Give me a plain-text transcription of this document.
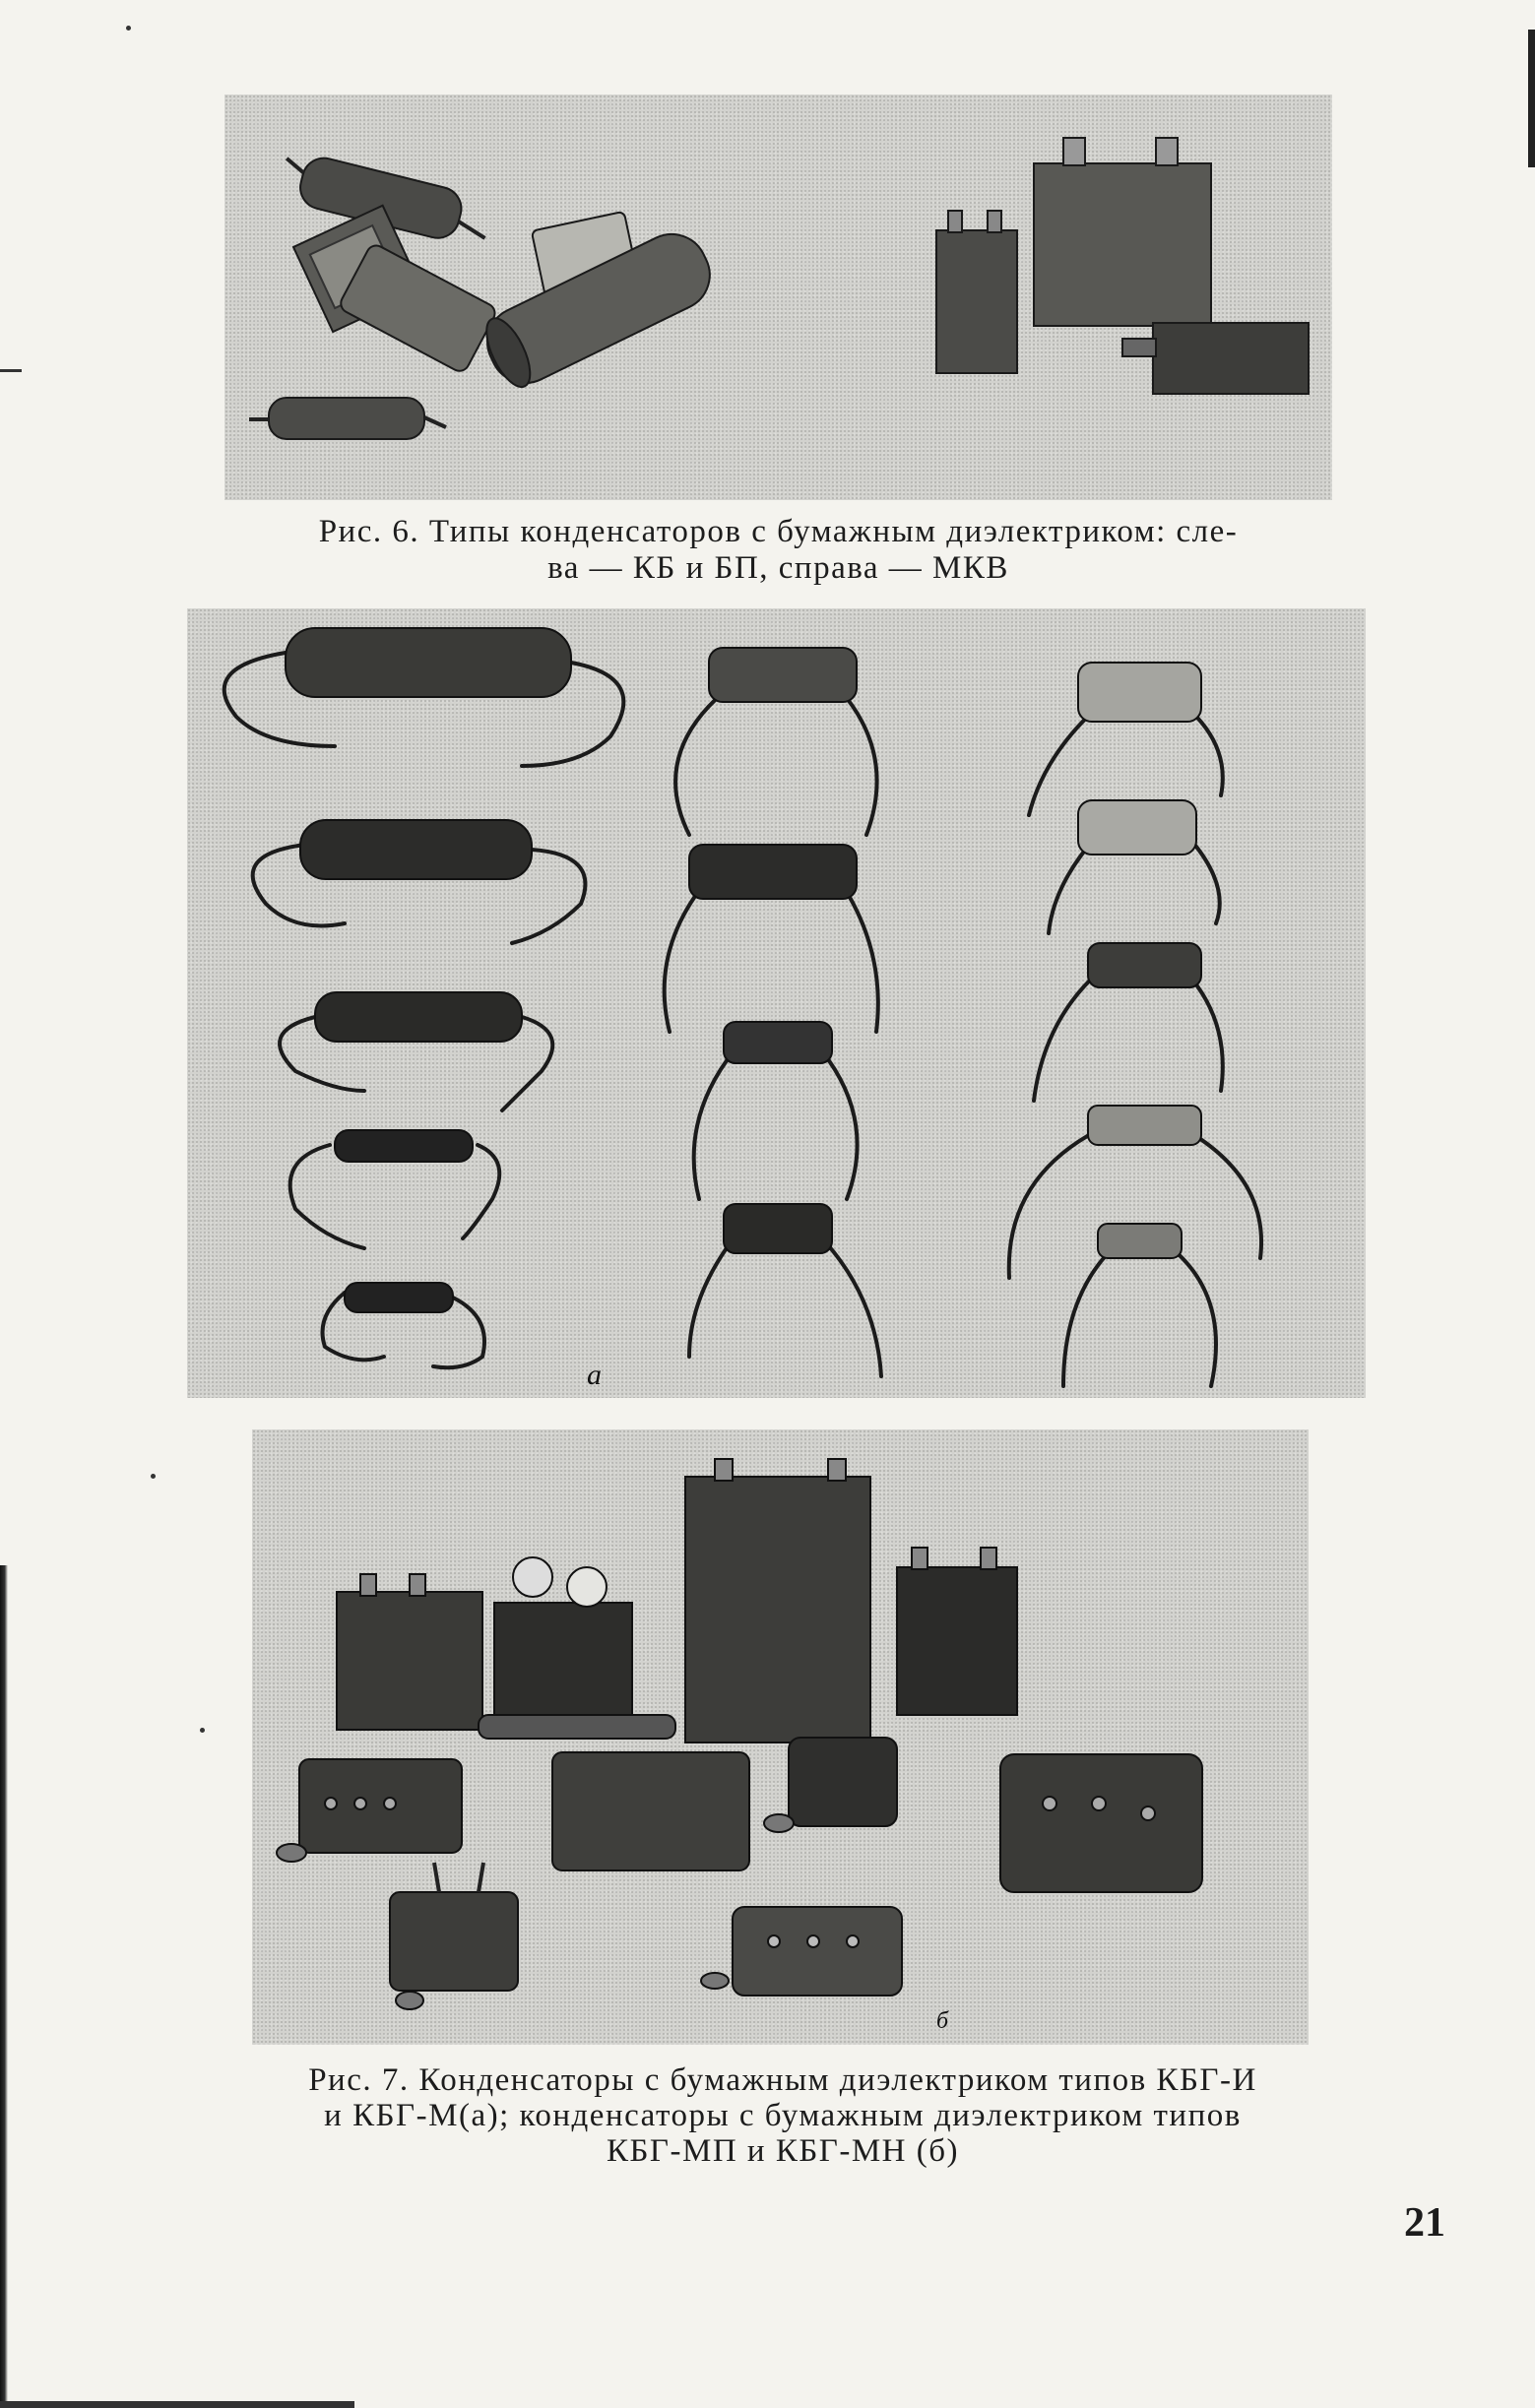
Рис. 6. Типы конденсаторов с бумажным диэлектриком: сле-
ва — КБ и БП, справа — МКВ

а
б

Рис. 7. Конденсаторы с бумажным диэлектриком типов КБГ-И
и КБГ-М(а); конденсаторы с бумажным диэлектриком типов
КБГ-МП и КБГ-МН (б)

21
